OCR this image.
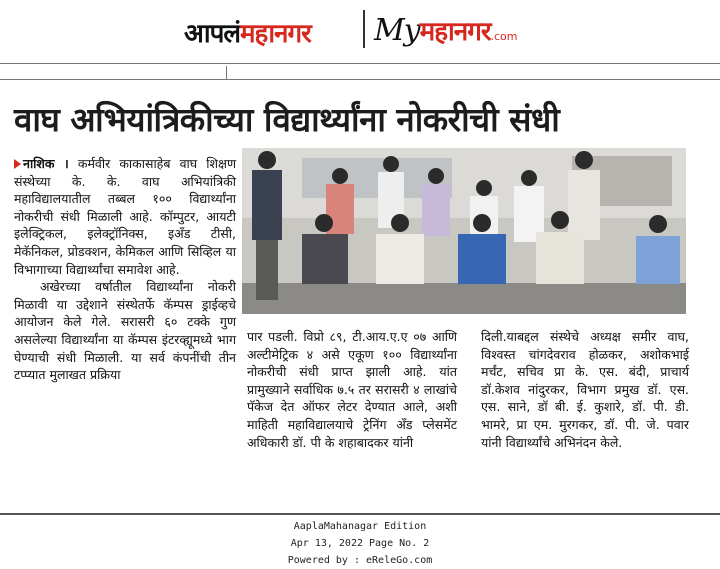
आपलंमहानगर Myमहानगर.com
वाघ अभियांत्रिकीच्या विद्यार्थ्यांना नोकरीची संधी

नाशिक । कर्मवीर काकासाहेब वाघ शिक्षण संस्थेच्या के. के. वाघ अभियांत्रिकी महाविद्यालयातील तब्बल १०० विद्यार्थ्यांना नोकरीची संधी मिळाली आहे. कॉम्पुटर, आयटी इलेक्ट्रिकल, इलेक्ट्रॉनिक्स, इअँड टीसी, मेकॅनिकल, प्रोडक्शन, केमिकल आणि सिव्हिल या विभागाच्या विद्यार्थ्यांचा समावेश आहे.

अखेरच्या वर्षातील विद्यार्थ्यांना नोकरी मिळावी या उद्देशाने संस्थेतर्फे कॅम्पस ड्राईव्हचे आयोजन केले गेले. सरासरी ६० टक्के गुण असलेल्या विद्यार्थ्यांना या कॅम्पस इंटरव्ह्यूमध्ये भाग घेण्याची संधी मिळाली. या सर्व कंपनींची तीन टप्प्यात मुलाखत प्रक्रिया

पार पडली. विप्रो ८९, टी.आय.ए.ए ०७ आणि अल्टीमेट्रिक ४ असे एकूण १०० विद्यार्थ्यांना नोकरीची संधी प्राप्त झाली आहे. यांत प्रामुख्याने सर्वाधिक ७.५ तर सरासरी ४ लाखांचे पॅकेज देत ऑफर लेटर देण्यात आले, अशी माहिती महाविद्यालयाचे ट्रेनिंग अँड प्लेसमेंट अधिकारी डॉ. पी के शहाबादकर यांनी
दिली.याबद्दल संस्थेचे अध्यक्ष समीर वाघ, विश्वस्त चांगदेवराव होळकर, अशोकभाई मर्चंट, सचिव प्रा के. एस. बंदी, प्राचार्य डॉ.केशव नांदुरकर, विभाग प्रमुख डॉ. एस. एस. साने, डॉ बी. ई. कुशारे, डॉ. पी. डी. भामरे, प्रा एम. मुरगकर, डॉ. पी. जे. पवार यांनी विद्यार्थ्यांचे अभिनंदन केले.
AaplaMahanagar Edition
Apr 13, 2022 Page No. 2
Powered by : eReleGo.com
